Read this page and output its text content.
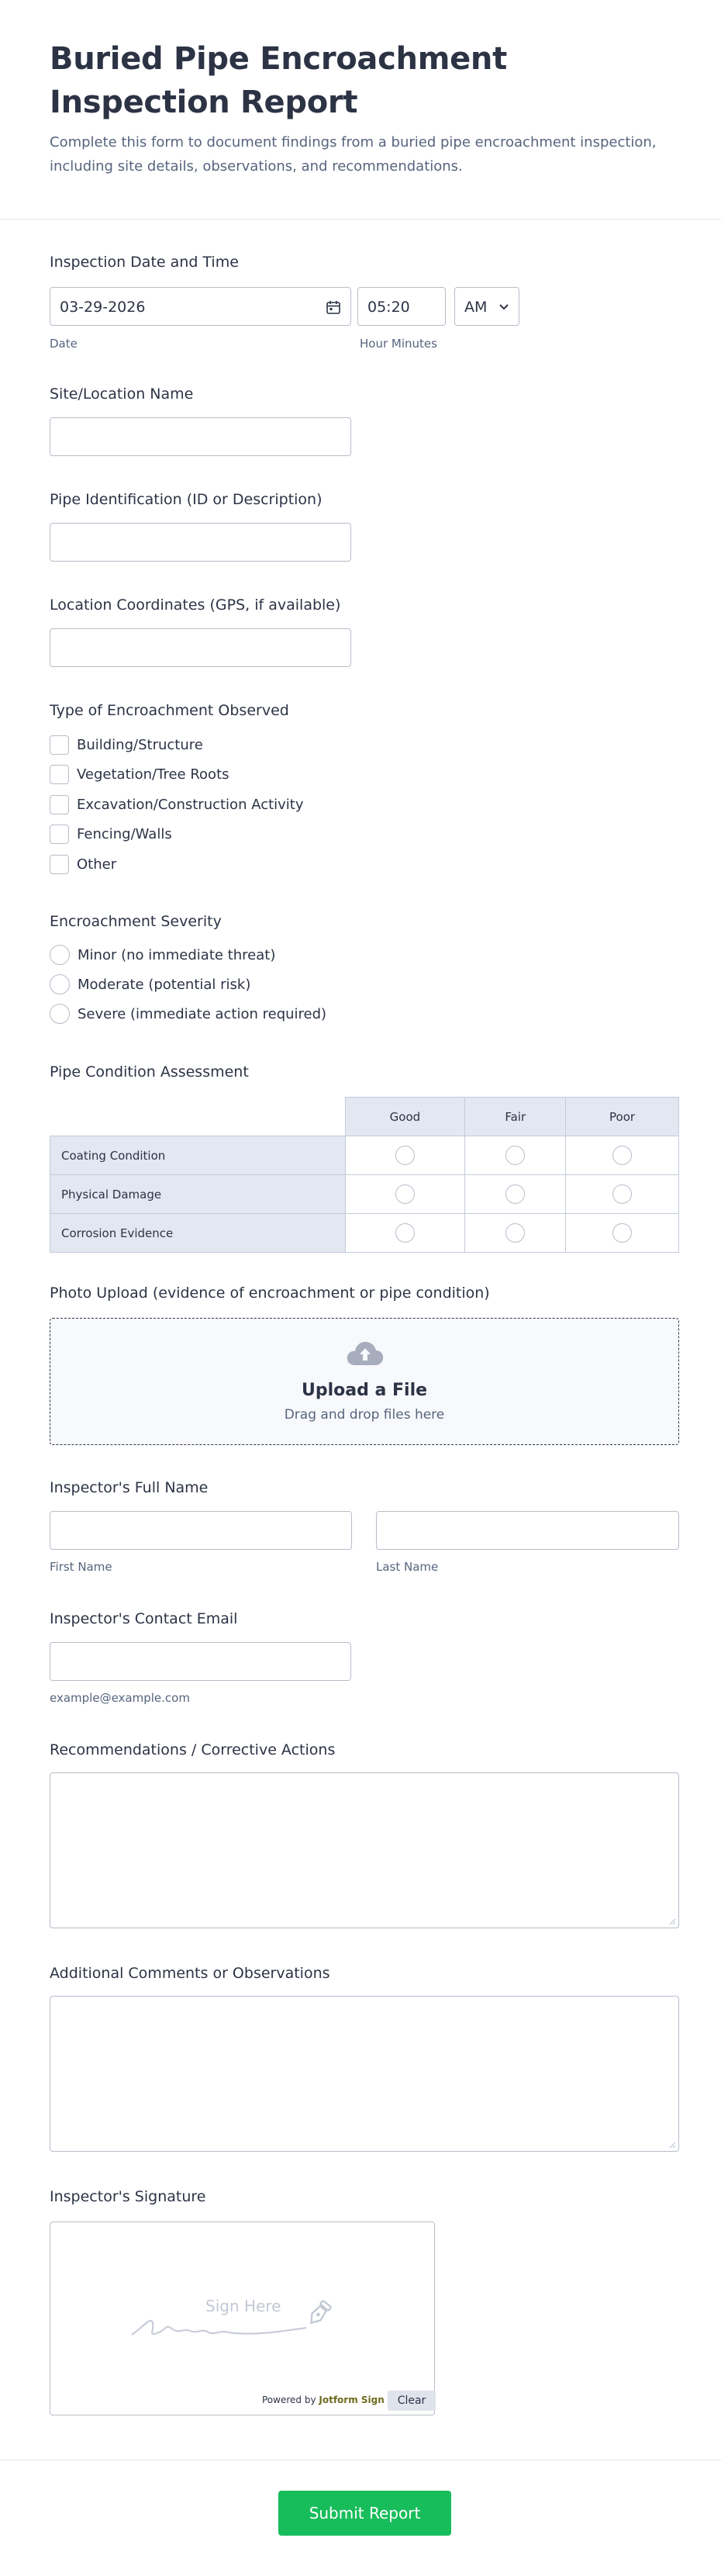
Buried Pipe Encroachment Inspection Report
Complete this form to document findings from a buried pipe encroachment inspection, including site details, observations, and recommendations.
Inspection Date and Time
03-29-2026	05:20	AM
Date	Hour Minutes
Site/Location Name
Pipe Identification (ID or Description)
Location Coordinates (GPS, if available)
Type of Encroachment Observed
Building/Structure
Vegetation/Tree Roots
Excavation/Construction Activity
Fencing/Walls
Other
Encroachment Severity
Minor (no immediate threat)
Moderate (potential risk)
Severe (immediate action required)
Pipe Condition Assessment
	Good	Fair	Poor
Coating Condition			
Physical Damage			
Corrosion Evidence			
Photo Upload (evidence of encroachment or pipe condition)
Upload a File
Drag and drop files here
Inspector's Full Name
First Name	Last Name
Inspector's Contact Email
example@example.com
Recommendations / Corrective Actions
Additional Comments or Observations
Inspector's Signature
Sign Here
Powered by Jotform Sign	Clear
Submit Report
